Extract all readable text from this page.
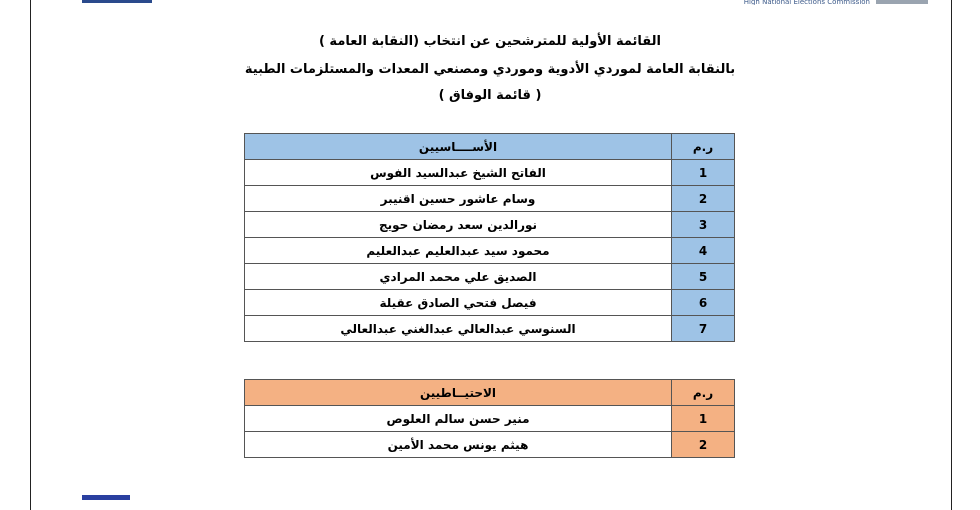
High National Elections Commission
القائمة الأولية للمترشحين عن انتخاب (النقابة العامة )
بالنقابة العامة لموردي الأدوية وموردي ومصنعي المعدات والمستلزمات الطبية
( قائمة الوفاق )
ر.م	الأســــاسيين
1	الفاتح الشيخ عبدالسيد الفوس
2	وسام عاشور حسين اقنيبر
3	نورالدين سعد رمضان حويج
4	محمود سيد عبدالعليم عبدالعليم
5	الصديق علي محمد المرادي
6	فيصل فتحي الصادق عقيلة
7	السنوسي عبدالعالي عبدالغني عبدالعالي
ر.م	الاحتيــاطيين
1	منير حسن سالم العلوص
2	هيثم يونس محمد الأمين
